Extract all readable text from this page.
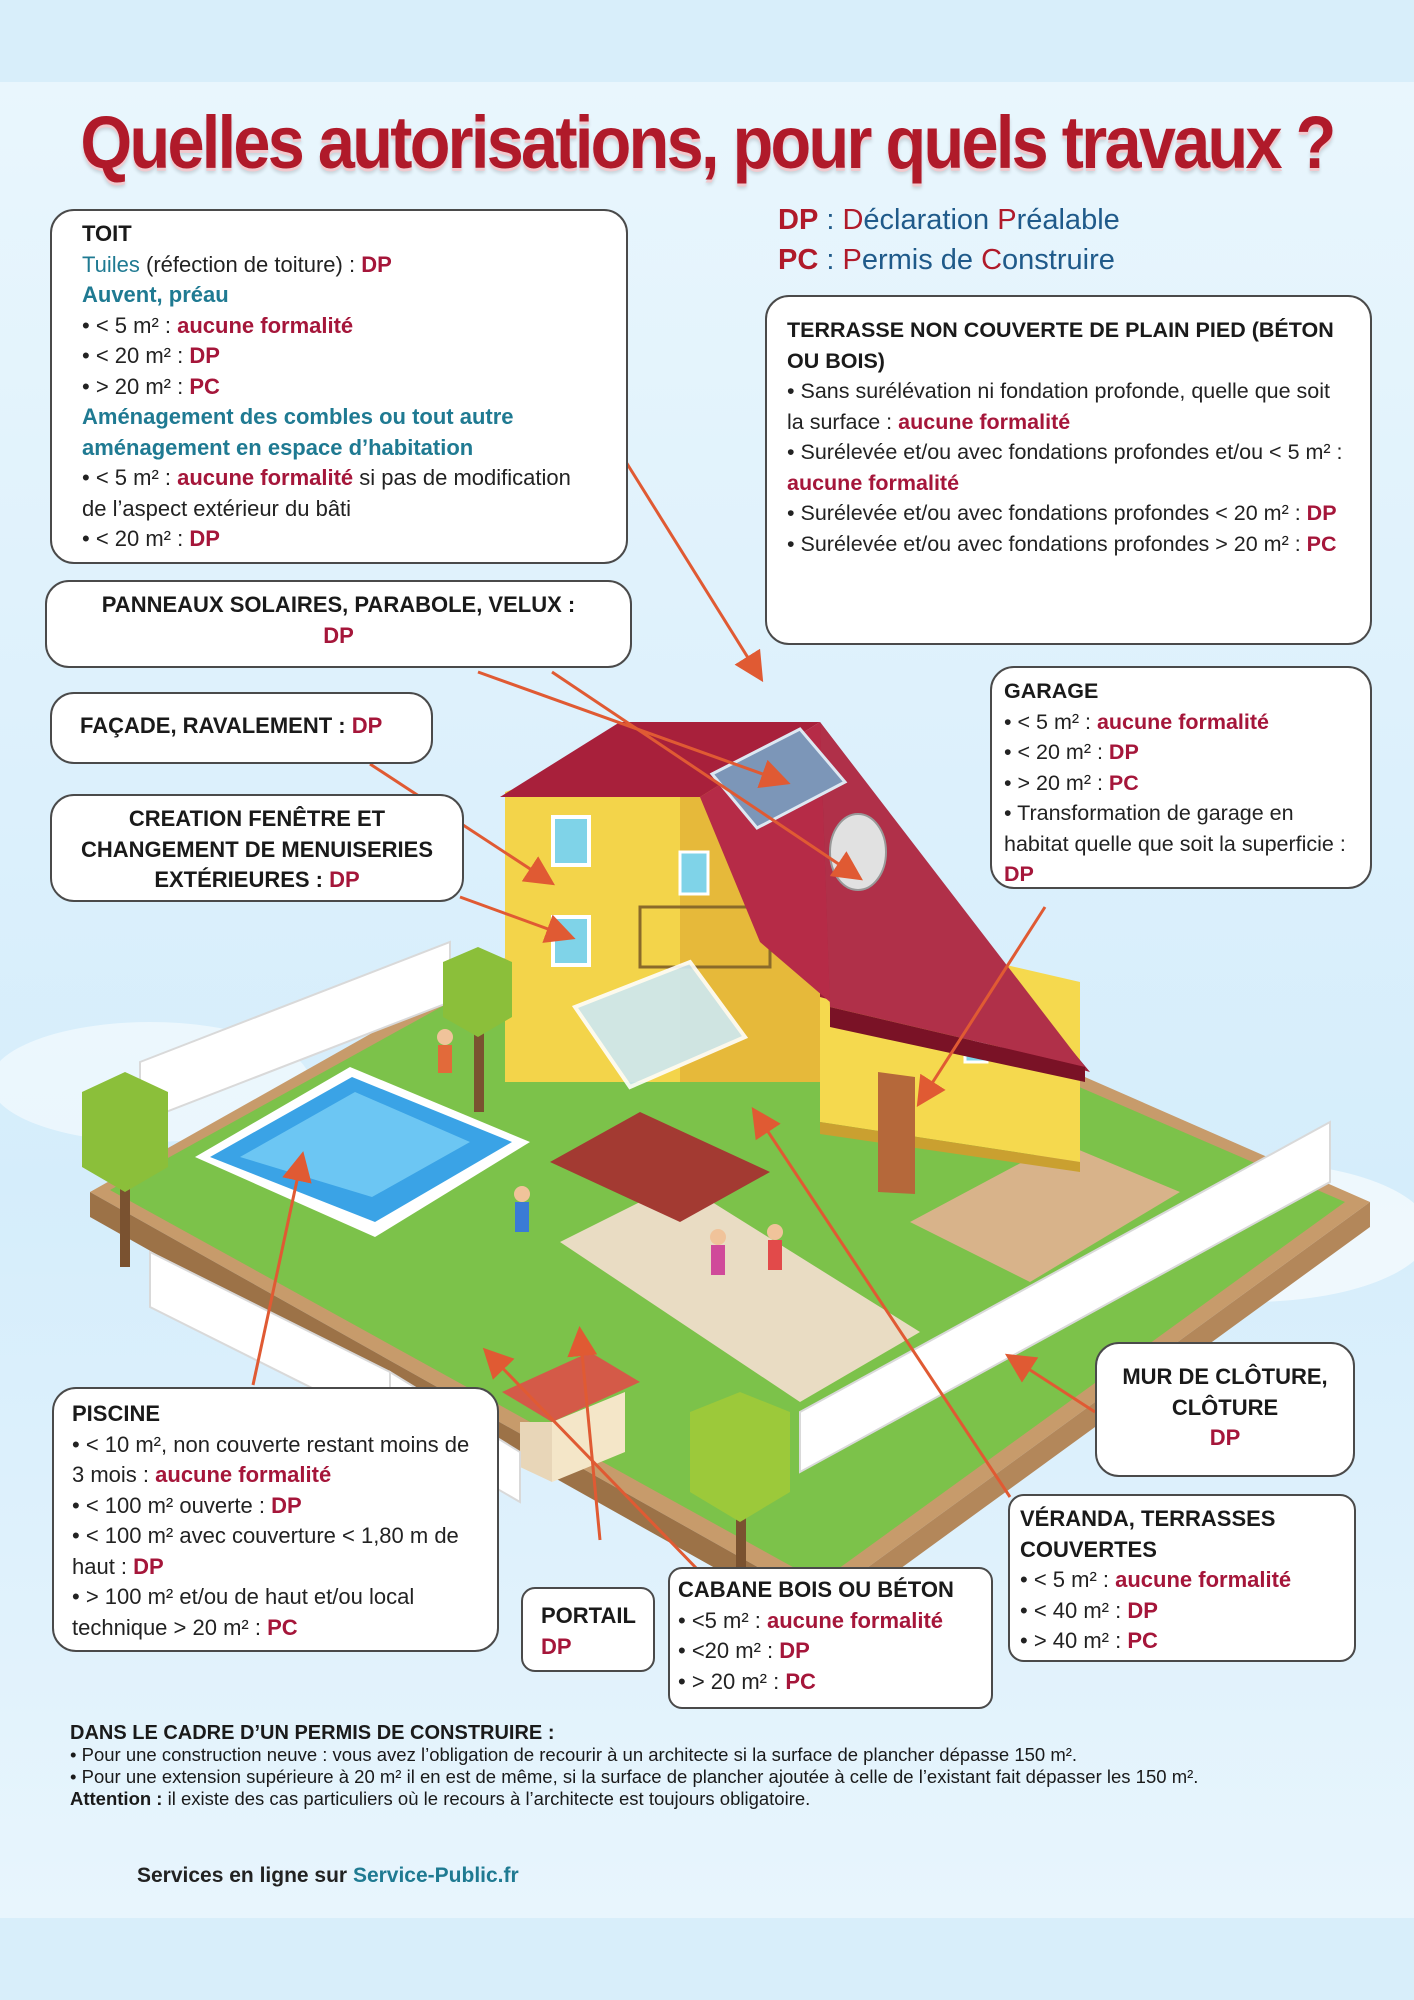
Quelles autorisations, pour quels travaux ?
DP : Déclaration Préalable
PC : Permis de Construire
TOIT
Tuiles (réfection de toiture) : DP
Auvent, préau
• < 5 m² : aucune formalité
• < 20 m² : DP
• > 20 m² : PC
Aménagement des combles ou tout autre aménagement en espace d’habitation
• < 5 m² : aucune formalité si pas de modification de l’aspect extérieur du bâti
• < 20 m² : DP
PANNEAUX SOLAIRES, PARABOLE, VELUX :
DP
FAÇADE, RAVALEMENT : DP
CREATION FENÊTRE ET
CHANGEMENT DE MENUISERIES
EXTÉRIEURES : DP
TERRASSE NON COUVERTE DE PLAIN PIED (BÉTON OU BOIS)
• Sans surélévation ni fondation profonde, quelle que soit la surface : aucune formalité
• Surélevée et/ou avec fondations profondes et/ou < 5 m² : aucune formalité
• Surélevée et/ou avec fondations profondes < 20 m² : DP
• Surélevée et/ou avec fondations profondes > 20 m² : PC
GARAGE
• < 5 m² : aucune formalité
• < 20 m² : DP
• > 20 m² : PC
• Transformation de garage en habitat quelle que soit la superficie : DP
MUR DE CLÔTURE,
CLÔTURE
DP
PISCINE
• < 10 m², non couverte restant moins de 3 mois : aucune formalité
• < 100 m² ouverte : DP
• < 100 m² avec couverture < 1,80 m de haut : DP
• > 100 m² et/ou de haut et/ou local technique > 20 m² : PC	PORTAIL
DP
CABANE BOIS OU BÉTON
• <5 m² : aucune formalité
• <20 m² : DP
• > 20 m² : PC
VÉRANDA, TERRASSES COUVERTES
• < 5 m² : aucune formalité
• < 40 m² : DP
• > 40 m² : PC
DANS LE CADRE D’UN PERMIS DE CONSTRUIRE :
• Pour une construction neuve : vous avez l’obligation de recourir à un architecte si la surface de plancher dépasse 150 m².
• Pour une extension supérieure à 20 m² il en est de même, si la surface de plancher ajoutée à celle de l’existant fait dépasser les 150 m².
Attention : il existe des cas particuliers où le recours à l’architecte est toujours obligatoire.
Services en ligne sur Service-Public.fr
